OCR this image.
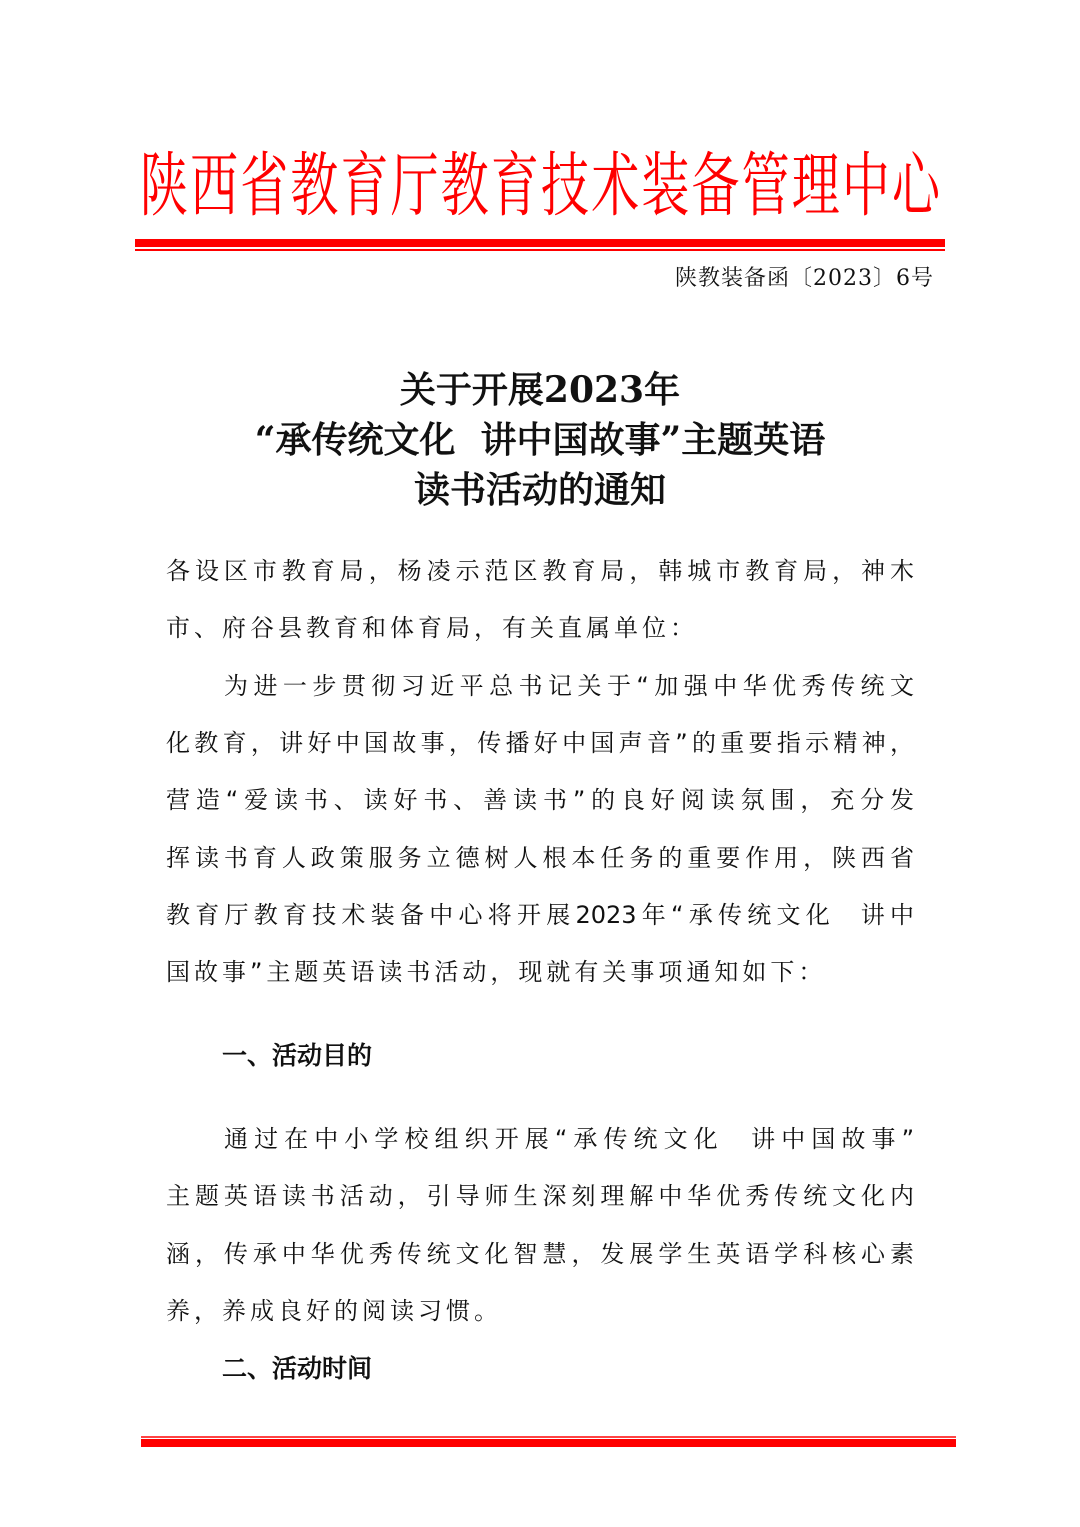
陕西省教育厅教育技术装备管理中心
陕教装备函〔2023〕6号
关于开展2023年
“承传统文化  讲中国故事”主题英语
读书活动的通知
各设区市教育局，杨凌示范区教育局，韩城市教育局，神木
市、府谷县教育和体育局，有关直属单位：
为进一步贯彻习近平总书记关于“加强中华优秀传统文
化教育，讲好中国故事，传播好中国声音”的重要指示精神，
营造“爱读书、读好书、善读书”的良好阅读氛围，充分发
挥读书育人政策服务立德树人根本任务的重要作用，陕西省
教育厅教育技术装备中心将开展2023年“承传统文化  讲中
国故事”主题英语读书活动，现就有关事项通知如下：
一、活动目的
通过在中小学校组织开展“承传统文化  讲中国故事”
主题英语读书活动，引导师生深刻理解中华优秀传统文化内
涵，传承中华优秀传统文化智慧，发展学生英语学科核心素
养，养成良好的阅读习惯。
二、活动时间
